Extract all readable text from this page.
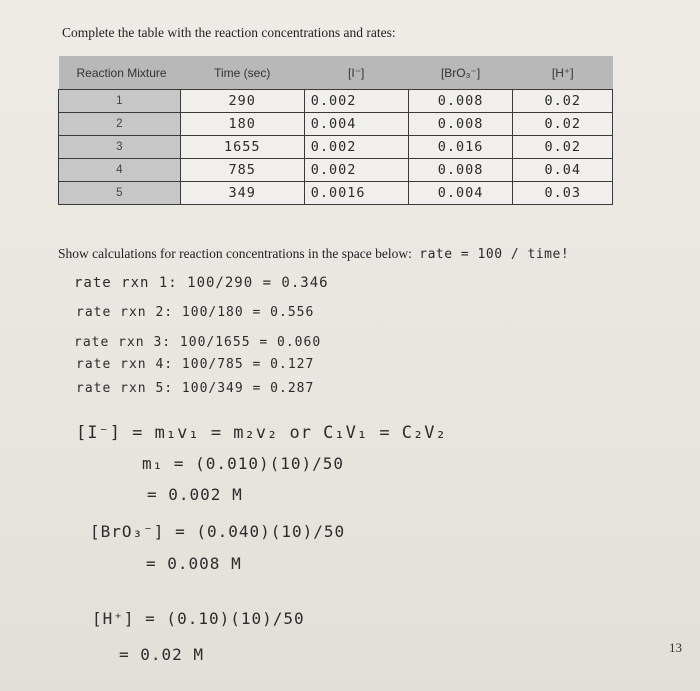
Complete the table with the reaction concentrations and rates:
Reaction Mixture	Time (sec)	[I⁻]	[BrO₃⁻]	[H⁺]
1	290	0.002	0.008	0.02
2	180	0.004	0.008	0.02
3	1655	0.002	0.016	0.02
4	785	0.002	0.008	0.04
5	349	0.0016	0.004	0.03
Show calculations for reaction concentrations in the space below: rate = 100 / time!
rate rxn 1: 100/290 = 0.346
rate rxn 2: 100/180 = 0.556
rate rxn 3: 100/1655 = 0.060
rate rxn 4: 100/785 = 0.127
rate rxn 5: 100/349 = 0.287
[I⁻] = m₁v₁ = m₂v₂ or C₁V₁ = C₂V₂
m₁ = (0.010)(10)/50
= 0.002 M
[BrO₃⁻] = (0.040)(10)/50
= 0.008 M
[H⁺] = (0.10)(10)/50
= 0.02 M	13
